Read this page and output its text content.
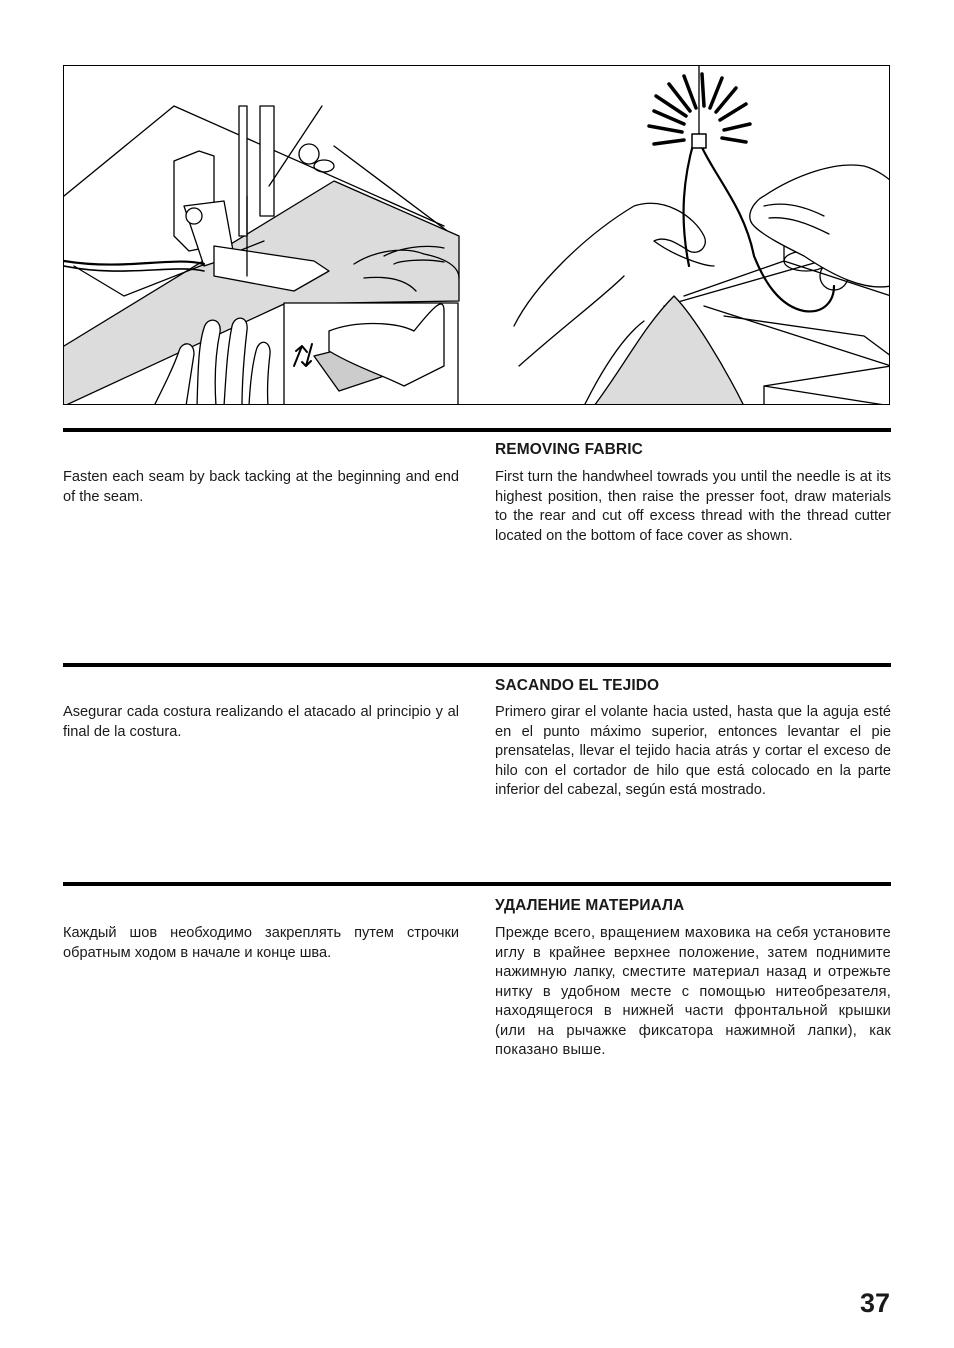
Fasten each seam by back tacking at the beginning and end of the seam.
REMOVING FABRIC
First turn the handwheel towrads you until the needle is at its highest position, then raise the presser foot, draw materials to the rear and cut off excess thread with the thread cutter located on the bottom of face cover as shown.
Asegurar cada costura realizando el atacado al principio y al final de la costura.
SACANDO EL TEJIDO
Primero girar el volante hacia usted, hasta que la aguja esté en el punto máximo superior, entonces levantar el pie prensatelas, llevar el tejido hacia atrás y cortar el exceso de hilo con el cortador de hilo que está colocado en la parte inferior del cabezal, según está mostrado.
Каждый шов необходимо закреплять путем строчки обратным ходом в начале и конце шва.
УДАЛЕНИЕ МАТЕРИАЛА
Прежде всего, вращением маховика на себя установите иглу в крайнее верхнее положение, затем поднимите нажимную лапку, сместите материал назад и отрежьте нитку в удобном месте с помощью нитеобрезателя, находящегося в нижней части фронтальной крышки (или на рычажке фиксатора нажимной лапки), как показано выше.
37
